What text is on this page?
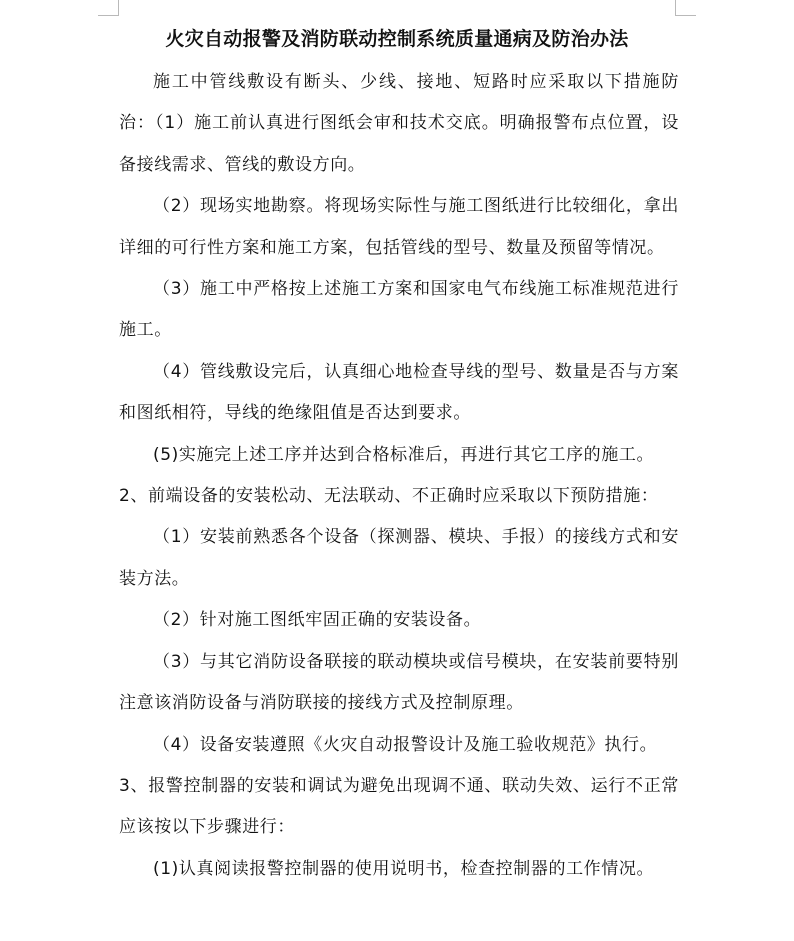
火灾自动报警及消防联动控制系统质量通病及防治办法

施工中管线敷设有断头、少线、接地、短路时应采取以下措施防治：（1）施工前认真进行图纸会审和技术交底。明确报警布点位置，设备接线需求、管线的敷设方向。

（2）现场实地勘察。将现场实际性与施工图纸进行比较细化，拿出详细的可行性方案和施工方案，包括管线的型号、数量及预留等情况。

（3）施工中严格按上述施工方案和国家电气布线施工标准规范进行施工。

（4）管线敷设完后，认真细心地检查导线的型号、数量是否与方案和图纸相符，导线的绝缘阻值是否达到要求。

(5)实施完上述工序并达到合格标准后，再进行其它工序的施工。

2、前端设备的安装松动、无法联动、不正确时应采取以下预防措施：

（1）安装前熟悉各个设备（探测器、模块、手报）的接线方式和安装方法。

（2）针对施工图纸牢固正确的安装设备。

（3）与其它消防设备联接的联动模块或信号模块，在安装前要特别注意该消防设备与消防联接的接线方式及控制原理。

（4）设备安装遵照《火灾自动报警设计及施工验收规范》执行。

3、报警控制器的安装和调试为避免出现调不通、联动失效、运行不正常应该按以下步骤进行：

(1)认真阅读报警控制器的使用说明书，检查控制器的工作情况。
